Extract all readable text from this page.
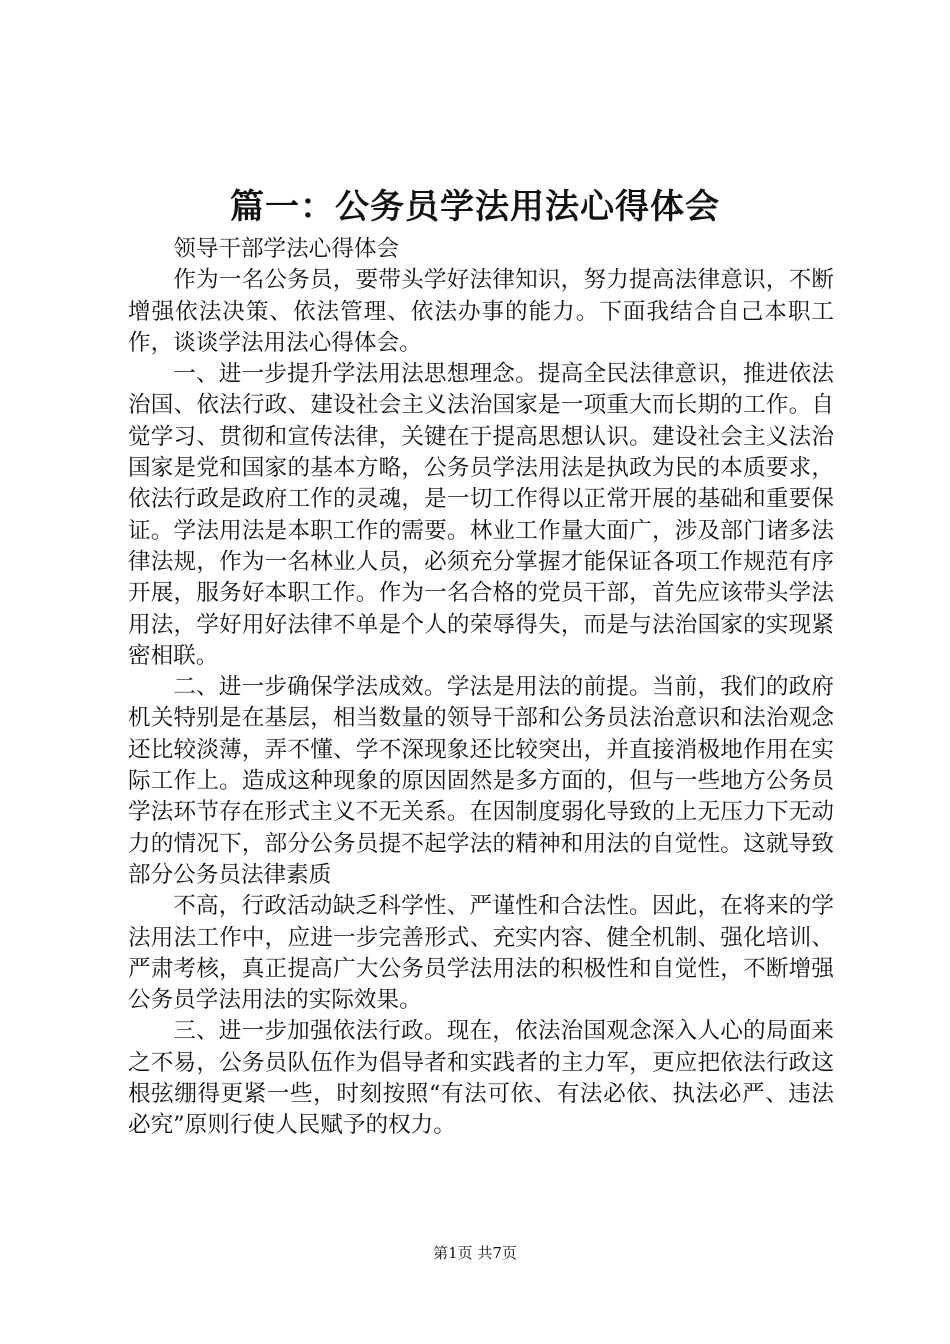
篇一：公务员学法用法心得体会

领导干部学法心得体会

作为一名公务员，要带头学好法律知识，努力提高法律意识，不断增强依法决策、依法管理、依法办事的能力。下面我结合自己本职工作，谈谈学法用法心得体会。

一、进一步提升学法用法思想理念。提高全民法律意识，推进依法治国、依法行政、建设社会主义法治国家是一项重大而长期的工作。自觉学习、贯彻和宣传法律，关键在于提高思想认识。建设社会主义法治国家是党和国家的基本方略，公务员学法用法是执政为民的本质要求，依法行政是政府工作的灵魂，是一切工作得以正常开展的基础和重要保证。学法用法是本职工作的需要。林业工作量大面广，涉及部门诸多法律法规，作为一名林业人员，必须充分掌握才能保证各项工作规范有序开展，服务好本职工作。作为一名合格的党员干部，首先应该带头学法用法，学好用好法律不单是个人的荣辱得失，而是与法治国家的实现紧密相联。

二、进一步确保学法成效。学法是用法的前提。当前，我们的政府机关特别是在基层，相当数量的领导干部和公务员法治意识和法治观念还比较淡薄，弄不懂、学不深现象还比较突出，并直接消极地作用在实际工作上。造成这种现象的原因固然是多方面的，但与一些地方公务员学法环节存在形式主义不无关系。在因制度弱化导致的上无压力下无动力的情况下，部分公务员提不起学法的精神和用法的自觉性。这就导致部分公务员法律素质

不高，行政活动缺乏科学性、严谨性和合法性。因此，在将来的学法用法工作中，应进一步完善形式、充实内容、健全机制、强化培训、严肃考核，真正提高广大公务员学法用法的积极性和自觉性，不断增强公务员学法用法的实际效果。

三、进一步加强依法行政。现在，依法治国观念深入人心的局面来之不易，公务员队伍作为倡导者和实践者的主力军，更应把依法行政这根弦绷得更紧一些，时刻按照“有法可依、有法必依、执法必严、违法必究”原则行使人民赋予的权力。

第1页 共7页
